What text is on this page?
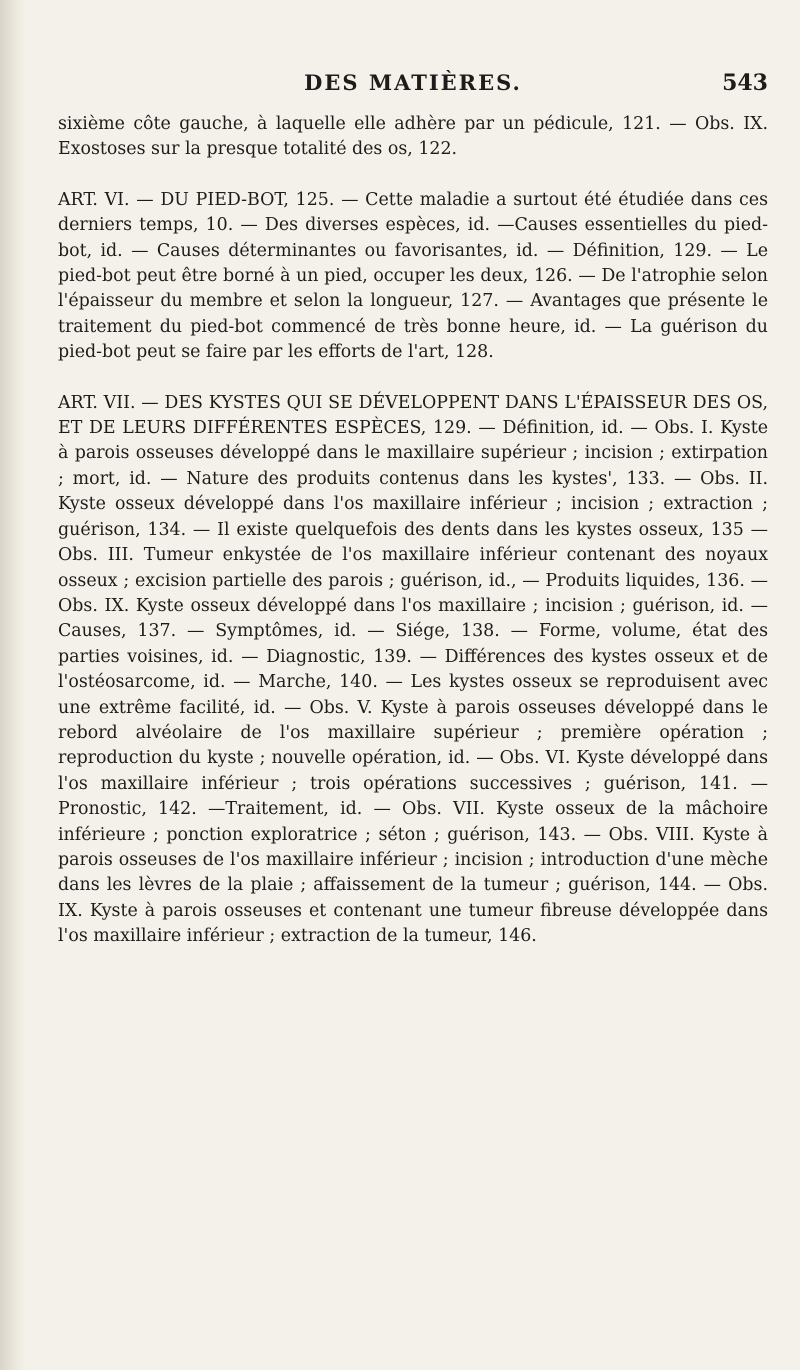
DES MATIÈRES.	543

sixième côte gauche, à laquelle elle adhère par un pédicule, 121. — Obs. IX. Exostoses sur la presque totalité des os, 122.

ART. VI. — DU PIED-BOT, 125. — Cette maladie a surtout été étudiée dans ces derniers temps, 10. — Des diverses espèces, id. —Causes essentielles du pied-bot, id. — Causes déterminantes ou favorisantes, id. — Définition, 129. — Le pied-bot peut être borné à un pied, occuper les deux, 126. — De l'atrophie selon l'épaisseur du membre et selon la longueur, 127. — Avantages que présente le traitement du pied-bot commencé de très bonne heure, id. — La guérison du pied-bot peut se faire par les efforts de l'art, 128.

ART. VII. — DES KYSTES QUI SE DÉVELOPPENT DANS L'ÉPAISSEUR DES OS, ET DE LEURS DIFFÉRENTES ESPÈCES, 129. — Définition, id. — Obs. I. Kyste à parois osseuses développé dans le maxillaire supérieur ; incision ; extirpation ; mort, id. — Nature des produits contenus dans les kystes', 133. — Obs. II. Kyste osseux développé dans l'os maxillaire inférieur ; incision ; extraction ; guérison, 134. — Il existe quelquefois des dents dans les kystes osseux, 135 — Obs. III. Tumeur enkystée de l'os maxillaire inférieur contenant des noyaux osseux ; excision partielle des parois ; guérison, id., — Produits liquides, 136. — Obs. IX. Kyste osseux développé dans l'os maxillaire ; incision ; guérison, id. — Causes, 137. — Symptômes, id. — Siége, 138. — Forme, volume, état des parties voisines, id. — Diagnostic, 139. — Différences des kystes osseux et de l'ostéosarcome, id. — Marche, 140. — Les kystes osseux se reproduisent avec une extrême facilité, id. — Obs. V. Kyste à parois osseuses développé dans le rebord alvéolaire de l'os maxillaire supérieur ; première opération ; reproduction du kyste ; nouvelle opération, id. — Obs. VI. Kyste développé dans l'os maxillaire inférieur ; trois opérations successives ; guérison, 141. — Pronostic, 142. —Traitement, id. — Obs. VII. Kyste osseux de la mâchoire inférieure ; ponction exploratrice ; séton ; guérison, 143. — Obs. VIII. Kyste à parois osseuses de l'os maxillaire inférieur ; incision ; introduction d'une mèche dans les lèvres de la plaie ; affaissement de la tumeur ; guérison, 144. — Obs. IX. Kyste à parois osseuses et contenant une tumeur fibreuse développée dans l'os maxillaire inférieur ; extraction de la tumeur, 146.
